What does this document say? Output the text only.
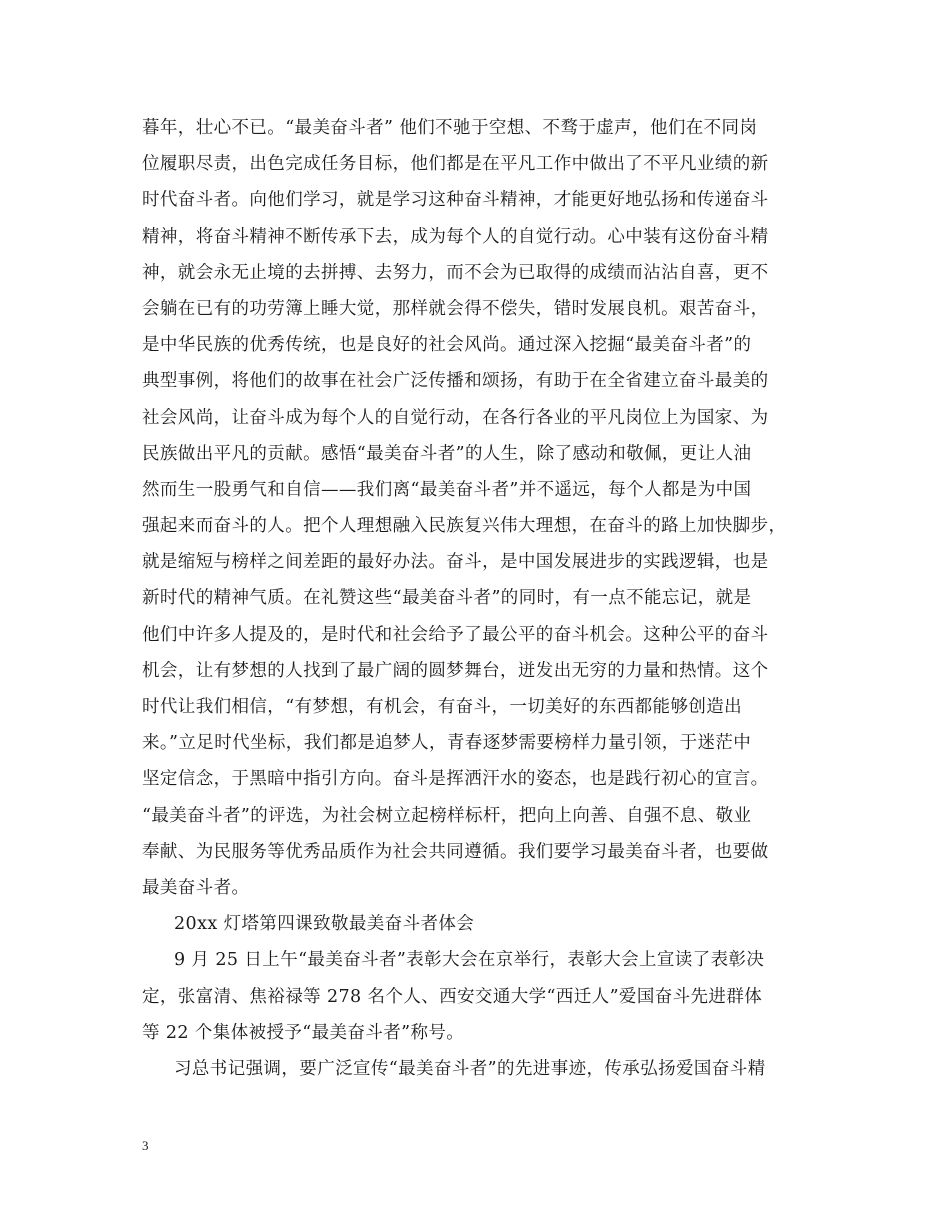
暮年，壮心不已。“最美奋斗者” 他们不驰于空想、不骛于虚声，他们在不同岗
位履职尽责，出色完成任务目标，他们都是在平凡工作中做出了不平凡业绩的新
时代奋斗者。向他们学习，就是学习这种奋斗精神，才能更好地弘扬和传递奋斗
精神，将奋斗精神不断传承下去，成为每个人的自觉行动。心中装有这份奋斗精
神，就会永无止境的去拼搏、去努力，而不会为已取得的成绩而沾沾自喜，更不
会躺在已有的功劳簿上睡大觉，那样就会得不偿失，错时发展良机。艰苦奋斗，
是中华民族的优秀传统，也是良好的社会风尚。通过深入挖掘“最美奋斗者”的
典型事例，将他们的故事在社会广泛传播和颂扬，有助于在全省建立奋斗最美的
社会风尚，让奋斗成为每个人的自觉行动，在各行各业的平凡岗位上为国家、为
民族做出平凡的贡献。感悟“最美奋斗者”的人生，除了感动和敬佩，更让人油
然而生一股勇气和自信——我们离“最美奋斗者”并不遥远，每个人都是为中国
强起来而奋斗的人。把个人理想融入民族复兴伟大理想，在奋斗的路上加快脚步，
就是缩短与榜样之间差距的最好办法。奋斗，是中国发展进步的实践逻辑，也是
新时代的精神气质。在礼赞这些“最美奋斗者”的同时，有一点不能忘记，就是
他们中许多人提及的，是时代和社会给予了最公平的奋斗机会。这种公平的奋斗
机会，让有梦想的人找到了最广阔的圆梦舞台，迸发出无穷的力量和热情。这个
时代让我们相信，“有梦想，有机会，有奋斗，一切美好的东西都能够创造出
来。”立足时代坐标，我们都是追梦人，青春逐梦需要榜样力量引领，于迷茫中
坚定信念，于黑暗中指引方向。奋斗是挥洒汗水的姿态，也是践行初心的宣言。
“最美奋斗者”的评选，为社会树立起榜样标杆，把向上向善、自强不息、敬业
奉献、为民服务等优秀品质作为社会共同遵循。我们要学习最美奋斗者，也要做
最美奋斗者。
20xx 灯塔第四课致敬最美奋斗者体会
9 月 25 日上午“最美奋斗者”表彰大会在京举行，表彰大会上宣读了表彰决
定，张富清、焦裕禄等 278 名个人、西安交通大学“西迁人”爱国奋斗先进群体
等 22 个集体被授予“最美奋斗者”称号。
习总书记强调，要广泛宣传“最美奋斗者”的先进事迹，传承弘扬爱国奋斗精
3
